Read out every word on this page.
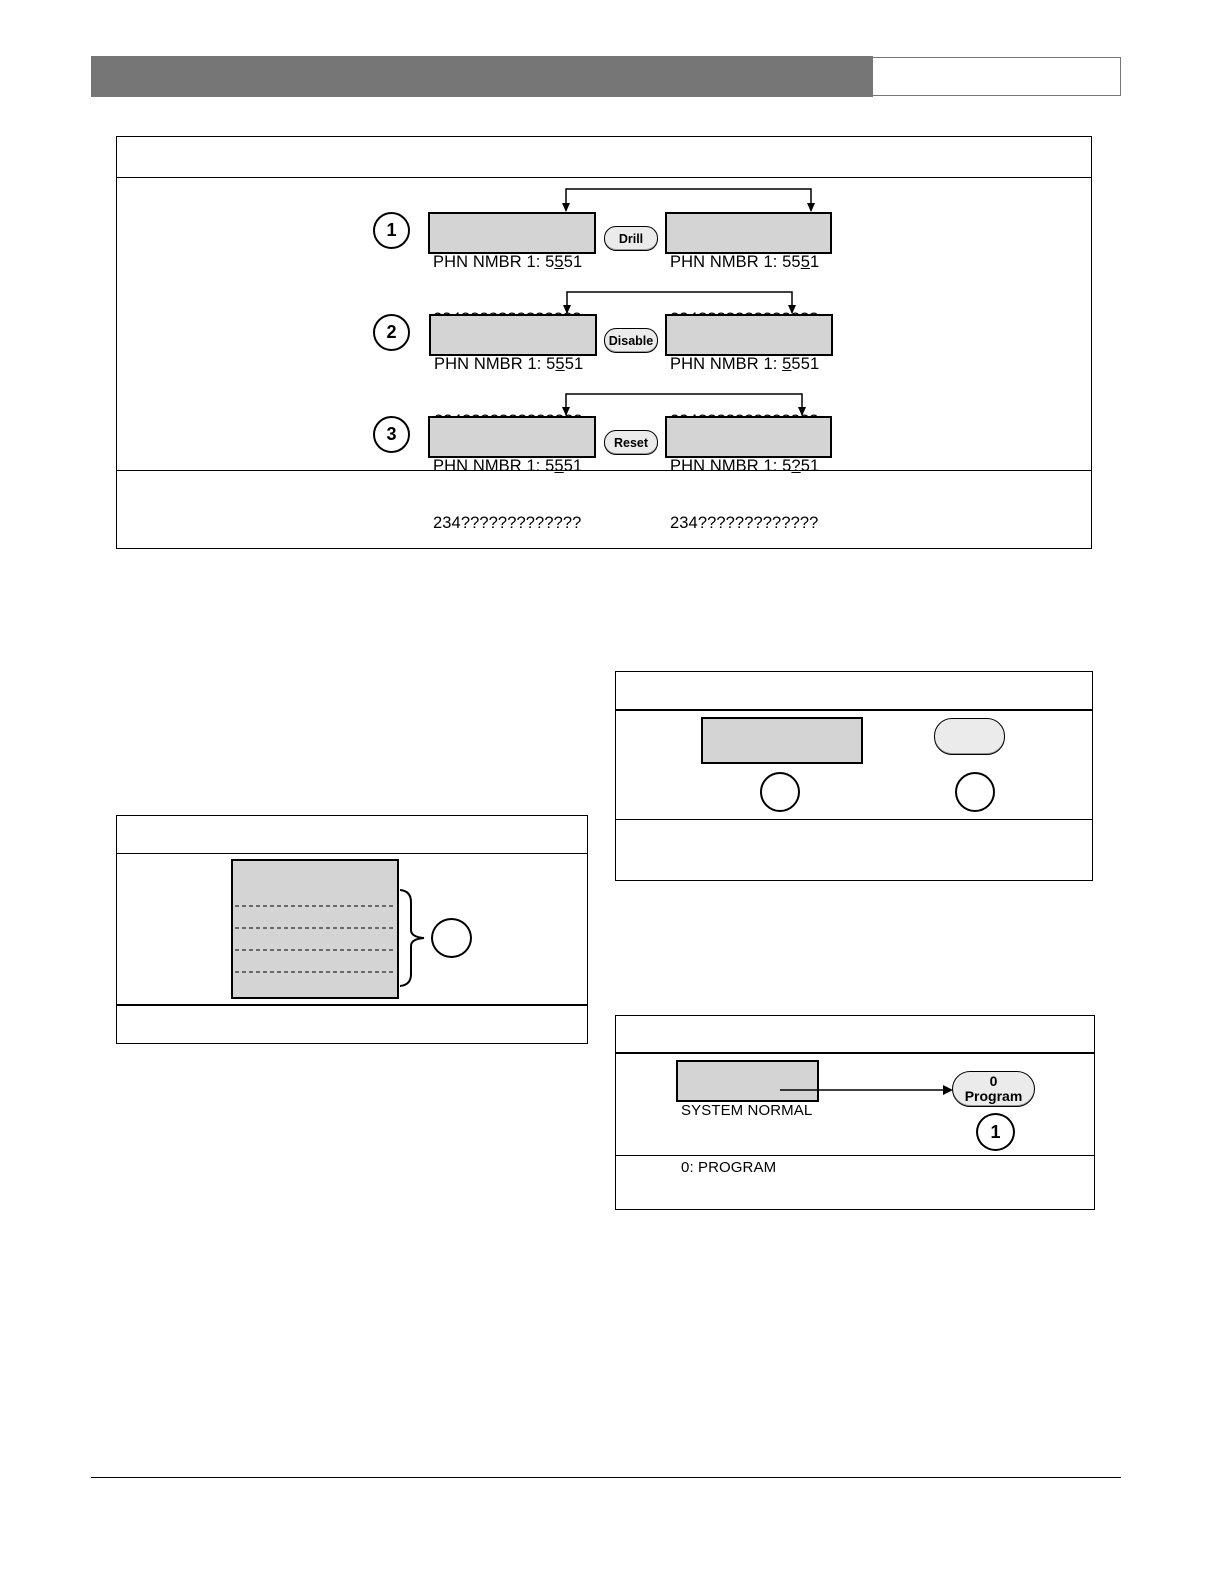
1

PHN NMBR 1: 5551

Drill

PHN NMBR 1: 5551

2

PHN NMBR 1: 5551

Disable

PHN NMBR 1: 5551

3

PHN NMBR 1: 5551

234?????????????

Reset

PHN NMBR 1: 5?51

234?????????????

SYSTEM NORMAL

0: PROGRAM

0
Program
1
